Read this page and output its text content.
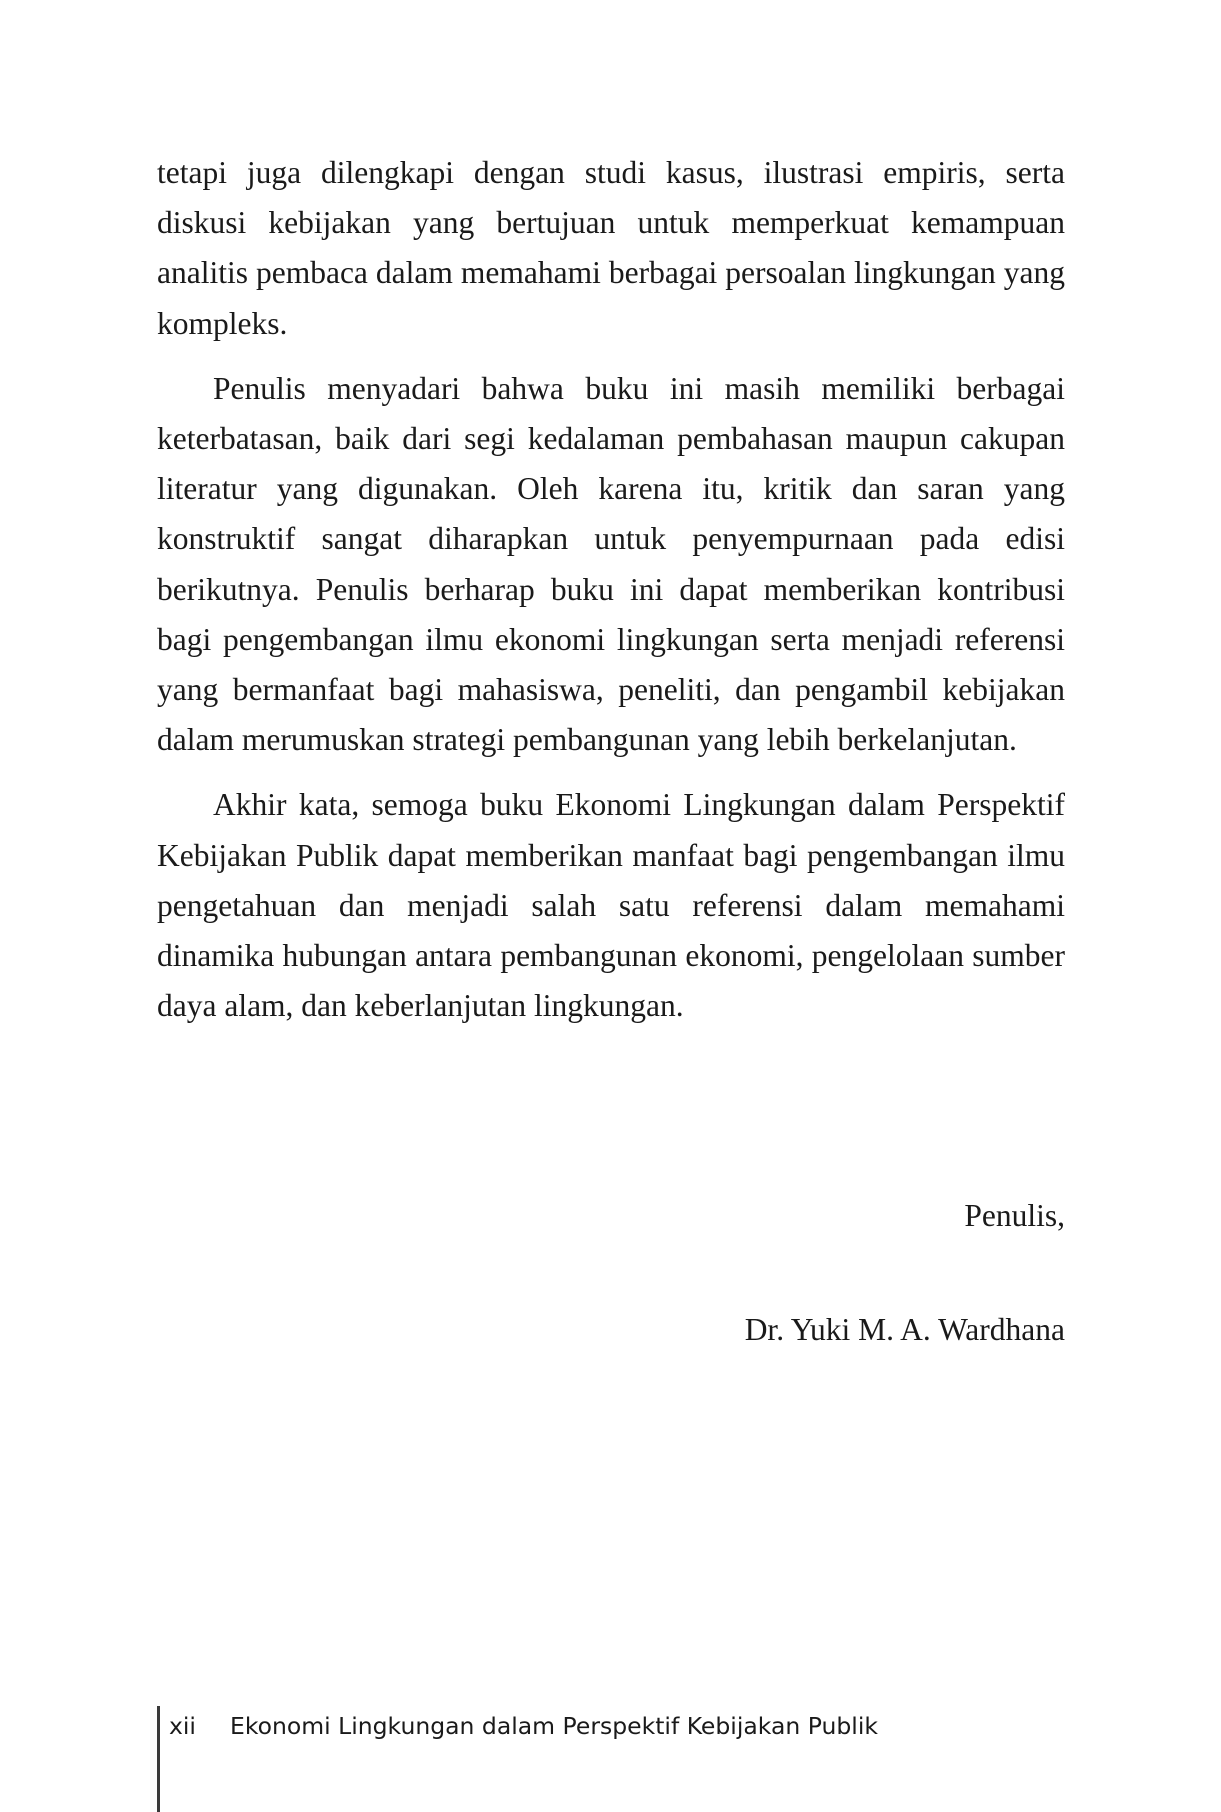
tetapi juga dilengkapi dengan studi kasus, ilustrasi empiris, serta diskusi kebijakan yang bertujuan untuk memperkuat kemampuan analitis pembaca dalam memahami berbagai persoalan lingkungan yang kompleks.

Penulis menyadari bahwa buku ini masih memiliki berbagai keterbatasan, baik dari segi kedalaman pembahasan maupun cakupan literatur yang digunakan. Oleh karena itu, kritik dan saran yang konstruktif sangat diharapkan untuk penyempurnaan pada edisi berikutnya. Penulis berharap buku ini dapat memberikan kontribusi bagi pengembangan ilmu ekonomi lingkungan serta menjadi referensi yang bermanfaat bagi mahasiswa, peneliti, dan pengambil kebijakan dalam merumuskan strategi pembangunan yang lebih berkelanjutan.

Akhir kata, semoga buku Ekonomi Lingkungan dalam Perspektif Kebijakan Publik dapat memberikan manfaat bagi pengembangan ilmu pengetahuan dan menjadi salah satu referensi dalam memahami dinamika hubungan antara pembangunan ekonomi, pengelolaan sumber daya alam, dan keberlanjutan lingkungan.

Penulis,
Dr. Yuki M. A. Wardhana
xii Ekonomi Lingkungan dalam Perspektif Kebijakan Publik
